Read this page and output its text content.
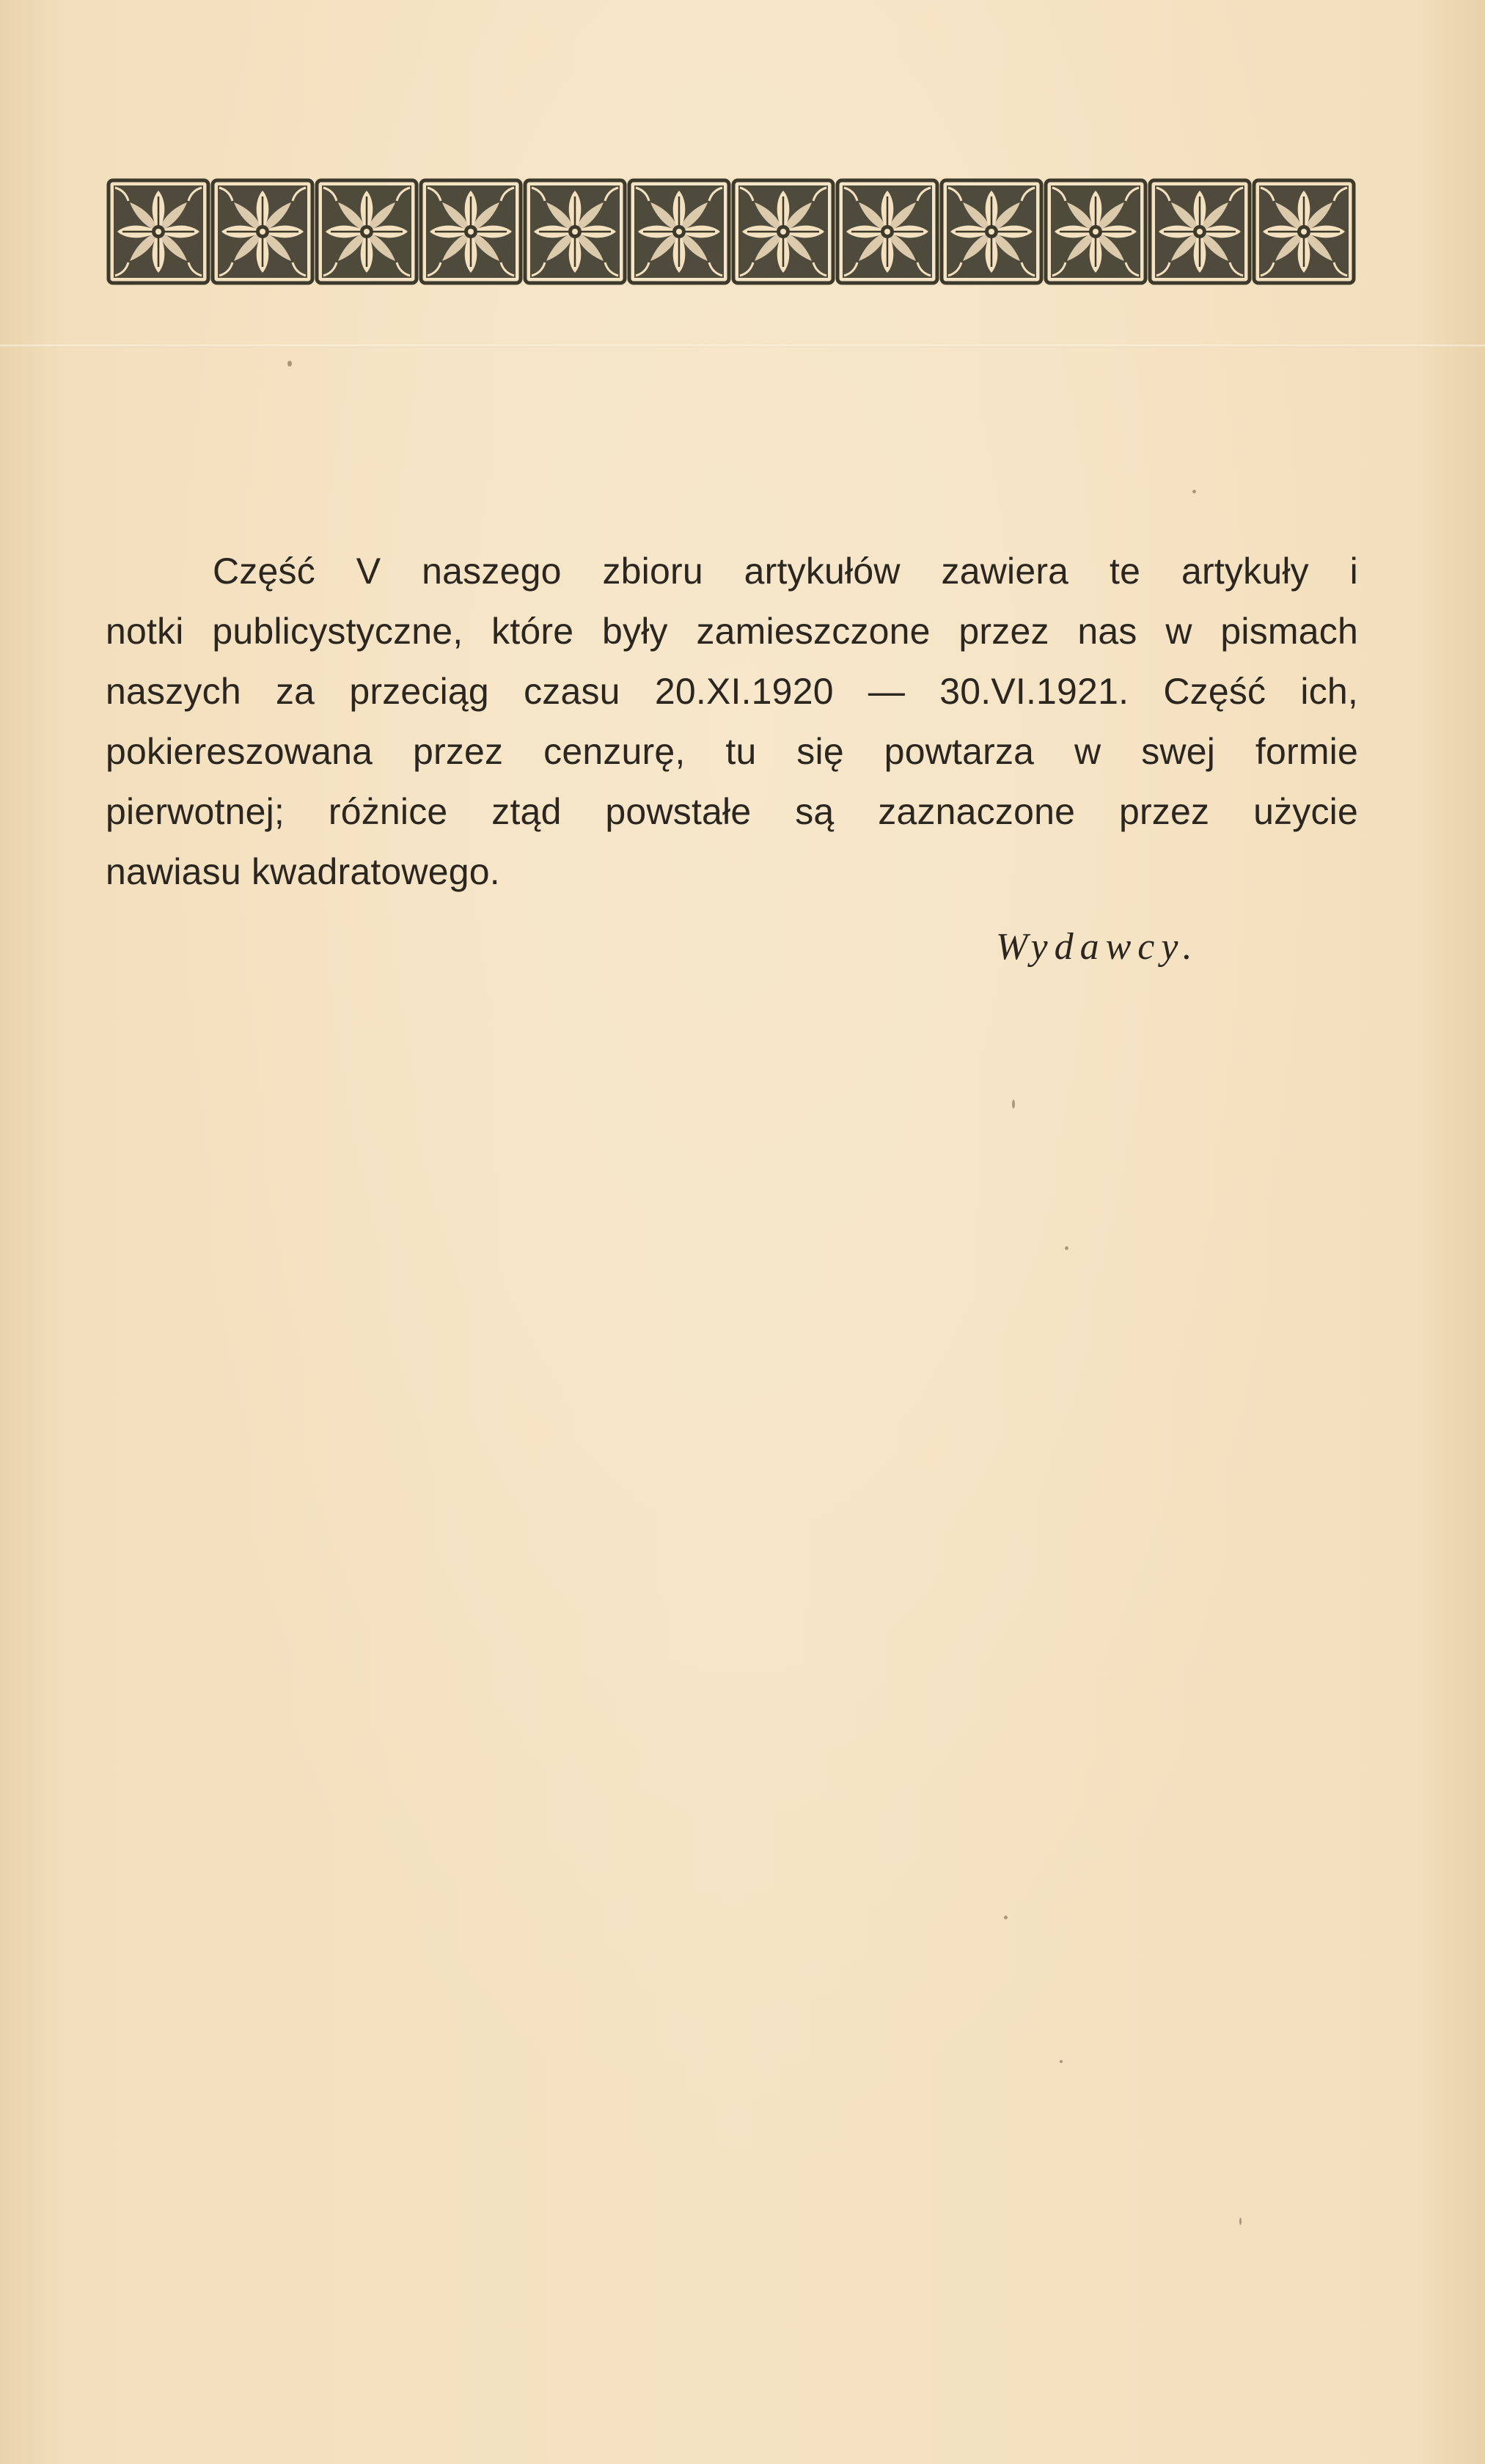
Część V naszego zbioru artykułów zawiera te artykuły i
notki publicystyczne, które były zamieszczone przez nas w pismach
naszych za przeciąg czasu 20.XI.1920 — 30.VI.1921. Część ich,
pokiereszowana przez cenzurę, tu się powtarza w swej formie
pierwotnej; różnice ztąd powstałe są zaznaczone przez użycie
nawiasu kwadratowego.
Wydawcy.
